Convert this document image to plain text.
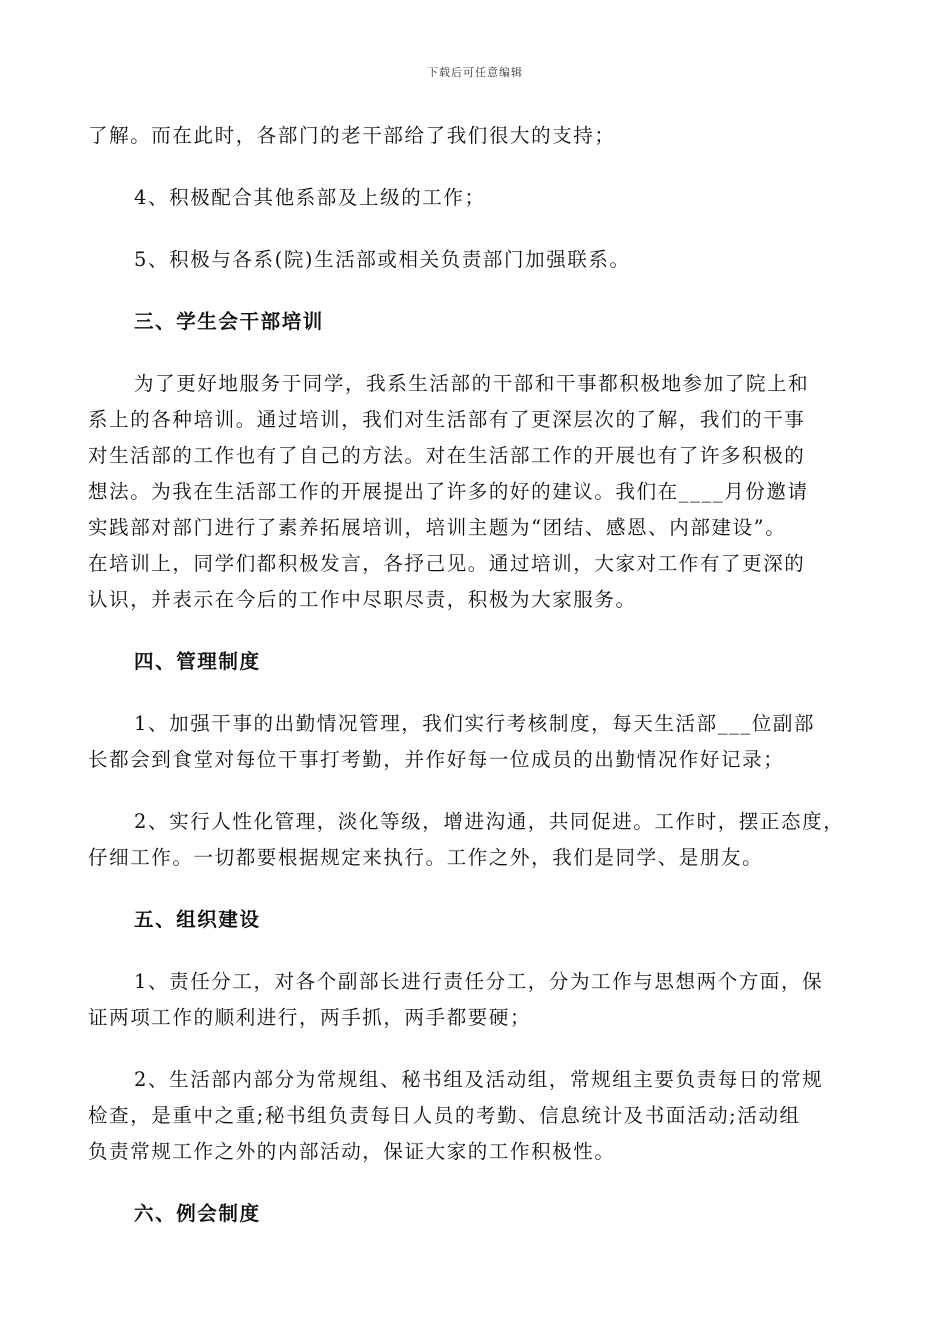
下载后可任意编辑
了解。而在此时，各部门的老干部给了我们很大的支持；
4、积极配合其他系部及上级的工作；
5、积极与各系(院)生活部或相关负责部门加强联系。
三、学生会干部培训
为了更好地服务于同学，我系生活部的干部和干事都积极地参加了院上和
系上的各种培训。通过培训，我们对生活部有了更深层次的了解，我们的干事
对生活部的工作也有了自己的方法。对在生活部工作的开展也有了许多积极的
想法。为我在生活部工作的开展提出了许多的好的建议。我们在____月份邀请
实践部对部门进行了素养拓展培训，培训主题为“团结、感恩、内部建设”。
在培训上，同学们都积极发言，各抒己见。通过培训，大家对工作有了更深的
认识，并表示在今后的工作中尽职尽责，积极为大家服务。
四、管理制度
1、加强干事的出勤情况管理，我们实行考核制度，每天生活部___位副部
长都会到食堂对每位干事打考勤，并作好每一位成员的出勤情况作好记录；
2、实行人性化管理，淡化等级，增进沟通，共同促进。工作时，摆正态度，
仔细工作。一切都要根据规定来执行。工作之外，我们是同学、是朋友。
五、组织建设
1、责任分工，对各个副部长进行责任分工，分为工作与思想两个方面，保
证两项工作的顺利进行，两手抓，两手都要硬；
2、生活部内部分为常规组、秘书组及活动组，常规组主要负责每日的常规
检查，是重中之重;秘书组负责每日人员的考勤、信息统计及书面活动;活动组
负责常规工作之外的内部活动，保证大家的工作积极性。
六、例会制度
